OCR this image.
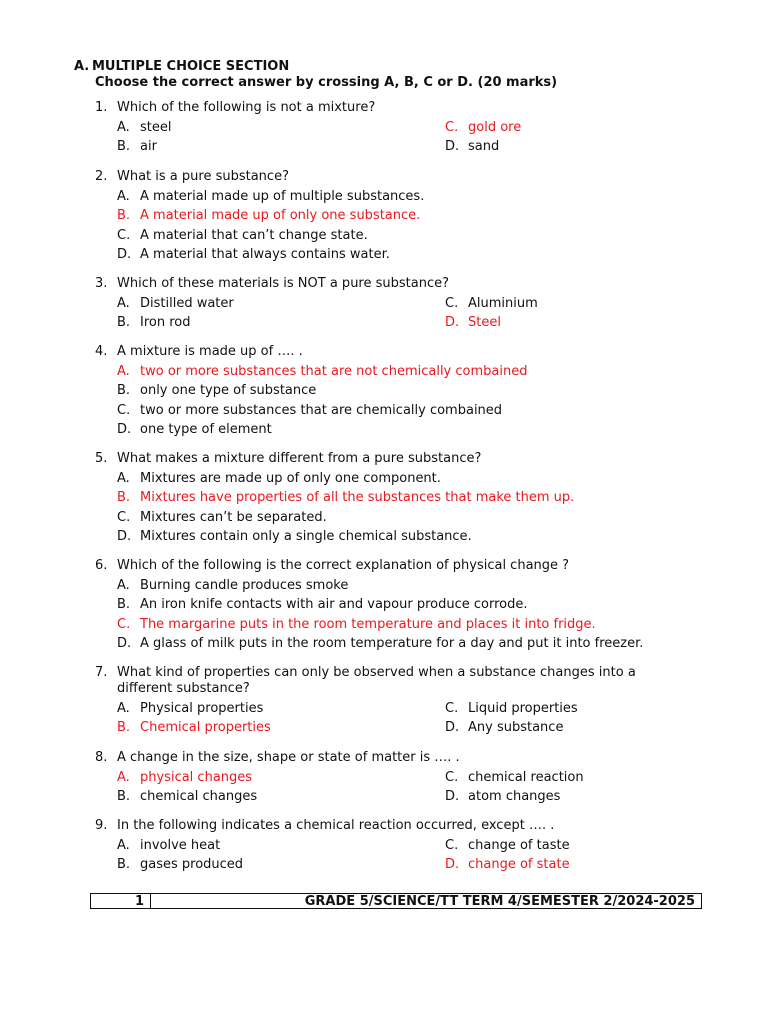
A. MULTIPLE CHOICE SECTION
Choose the correct answer by crossing A, B, C or D. (20 marks)
1. Which of the following is not a mixture?
A. steel
B. air
C. gold ore
D. sand
2. What is a pure substance?
A. A material made up of multiple substances.
B. A material made up of only one substance.
C. A material that can’t change state.
D. A material that always contains water.
3. Which of these materials is NOT a pure substance?
A. Distilled water
B. Iron rod
C. Aluminium
D. Steel
4. A mixture is made up of …. .
A. two or more substances that are not chemically combained
B. only one type of substance
C. two or more substances that are chemically combained
D. one type of element
5. What makes a mixture different from a pure substance?
A. Mixtures are made up of only one component.
B. Mixtures have properties of all the substances that make them up.
C. Mixtures can’t be separated.
D. Mixtures contain only a single chemical substance.
6. Which of the following is the correct explanation of physical change ?
A. Burning candle produces smoke
B. An iron knife contacts with air and vapour produce corrode.
C. The margarine puts in the room temperature and places it into fridge.
D. A glass of milk puts in the room temperature for a day and put it into freezer.
7. What kind of properties can only be observed when a substance changes into a different substance?
A. Physical properties
B. Chemical properties
C. Liquid properties
D. Any substance
8. A change in the size, shape or state of matter is …. .
A. physical changes
B. chemical changes
C. chemical reaction
D. atom changes
9. In the following indicates a chemical reaction occurred, except …. .
A. involve heat
B. gases produced
C. change of taste
D. change of state
1	GRADE 5/SCIENCE/TT TERM 4/SEMESTER 2/2024-2025
